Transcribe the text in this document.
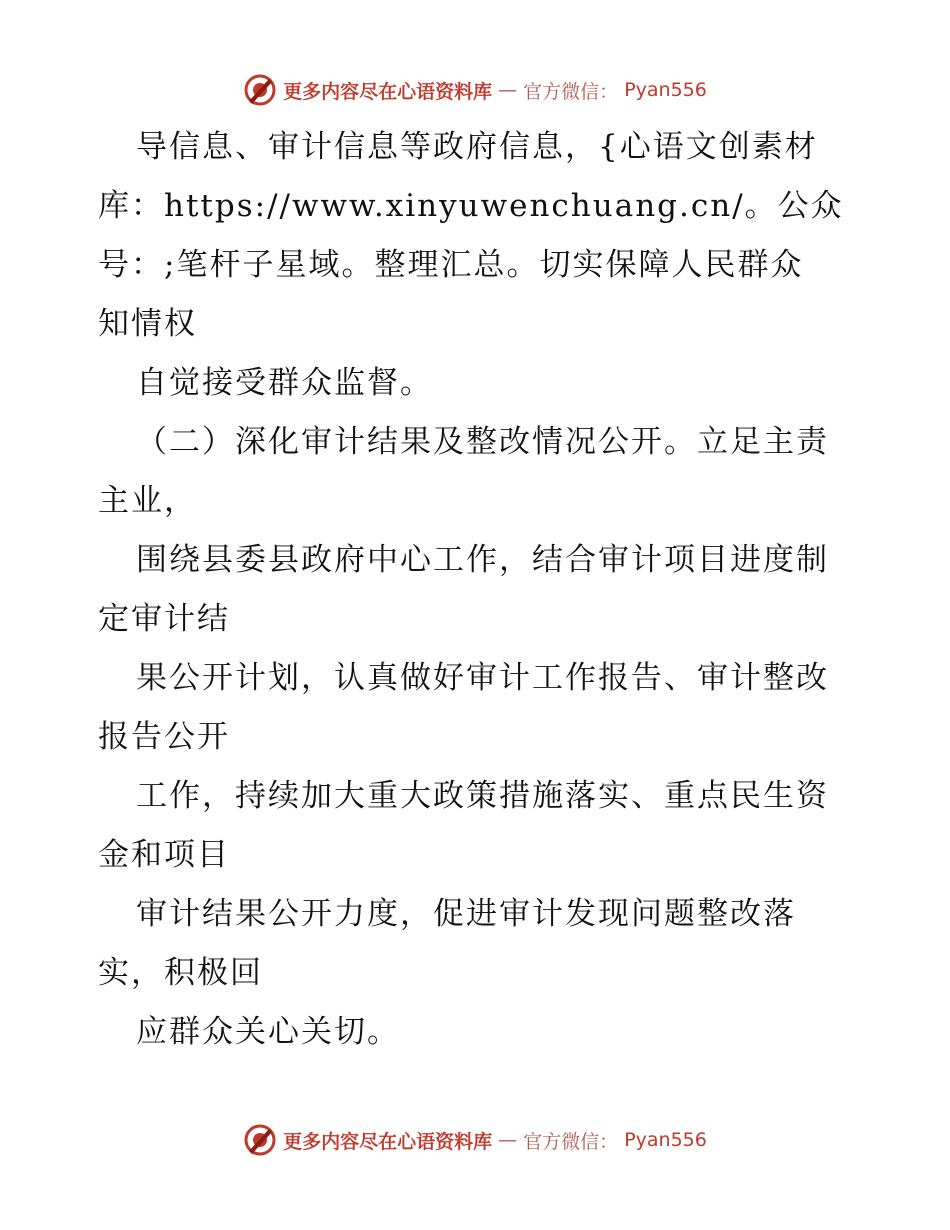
更多内容尽在心语资料库 — 官方微信： Pyan556
导信息、审计信息等政府信息，{心语文创素材
库：https://www.xinyuwenchuang.cn/。公众
号：;笔杆子星域。整理汇总。切实保障人民群众
知情权
自觉接受群众监督。
（二）深化审计结果及整改情况公开。立足主责
主业，
围绕县委县政府中心工作，结合审计项目进度制
定审计结
果公开计划，认真做好审计工作报告、审计整改
报告公开
工作，持续加大重大政策措施落实、重点民生资
金和项目
审计结果公开力度，促进审计发现问题整改落
实，积极回
应群众关心关切。
更多内容尽在心语资料库 — 官方微信： Pyan556
